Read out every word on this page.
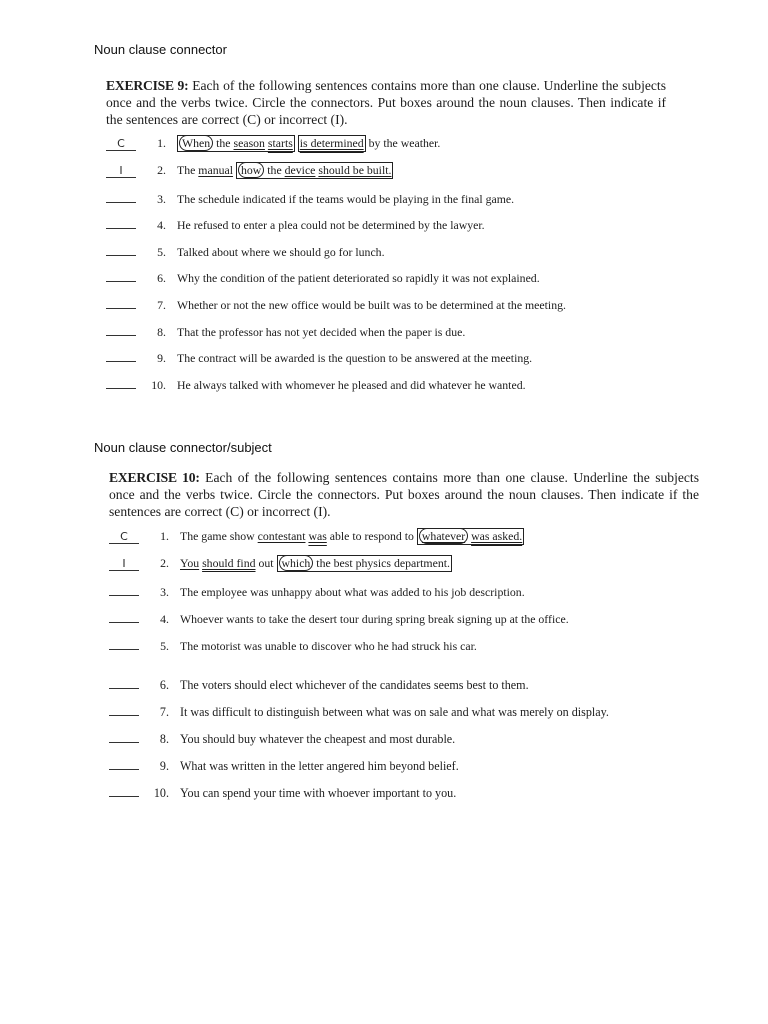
Noun clause connector

EXERCISE 9: Each of the following sentences contains more than one clause. Underline the subjects once and the verbs twice. Circle the connectors. Put boxes around the noun clauses. Then indicate if the sentences are correct (C) or incorrect (I).

C	1.	When the season starts is determined by the weather.
I	2. The manual how the device should be built.
3. The schedule indicated if the teams would be playing in the final game.
4. He refused to enter a plea could not be determined by the lawyer.
5. Talked about where we should go for lunch.
6. Why the condition of the patient deteriorated so rapidly it was not explained.
7. Whether or not the new office would be built was to be determined at the meeting.
8. That the professor has not yet decided when the paper is due.
9. The contract will be awarded is the question to be answered at the meeting.
10. He always talked with whomever he pleased and did whatever he wanted.
Noun clause connector/subject

EXERCISE 10: Each of the following sentences contains more than one clause. Underline the subjects once and the verbs twice. Circle the connectors. Put boxes around the noun clauses. Then indicate if the sentences are correct (C) or incorrect (I).

C	1. The game show contestant was able to respond to whatever was asked.
I	2. You should find out which the best physics department.
3. The employee was unhappy about what was added to his job description.
4. Whoever wants to take the desert tour during spring break signing up at the office.
5. The motorist was unable to discover who he had struck his car.
6. The voters should elect whichever of the candidates seems best to them.
7. It was difficult to distinguish between what was on sale and what was merely on display.
8. You should buy whatever the cheapest and most durable.
9. What was written in the letter angered him beyond belief.
10. You can spend your time with whoever important to you.
